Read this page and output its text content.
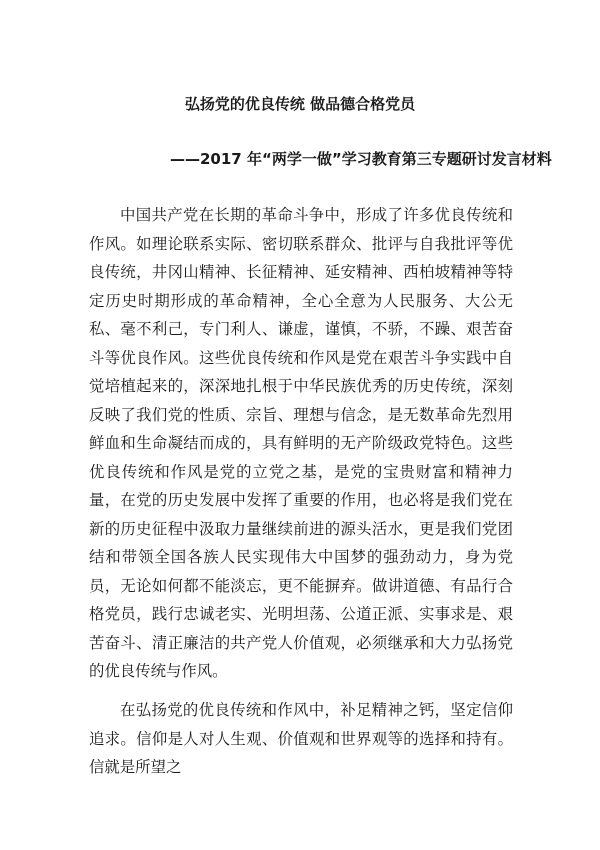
弘扬党的优良传统 做品德合格党员
——2017 年“两学一做”学习教育第三专题研讨发言材料

中国共产党在长期的革命斗争中，形成了许多优良传统和作风。如理论联系实际、密切联系群众、批评与自我批评等优良传统，井冈山精神、长征精神、延安精神、西柏坡精神等特定历史时期形成的革命精神，全心全意为人民服务、大公无私、毫不利己，专门利人、谦虚，谨慎，不骄，不躁、艰苦奋斗等优良作风。这些优良传统和作风是党在艰苦斗争实践中自觉培植起来的，深深地扎根于中华民族优秀的历史传统，深刻反映了我们党的性质、宗旨、理想与信念，是无数革命先烈用鲜血和生命凝结而成的，具有鲜明的无产阶级政党特色。这些优良传统和作风是党的立党之基，是党的宝贵财富和精神力量，在党的历史发展中发挥了重要的作用，也必将是我们党在新的历史征程中汲取力量继续前进的源头活水，更是我们党团结和带领全国各族人民实现伟大中国梦的强劲动力，身为党员，无论如何都不能淡忘，更不能摒弃。做讲道德、有品行合格党员，践行忠诚老实、光明坦荡、公道正派、实事求是、艰苦奋斗、清正廉洁的共产党人价值观，必须继承和大力弘扬党的优良传统与作风。

在弘扬党的优良传统和作风中，补足精神之钙，坚定信仰追求。信仰是人对人生观、价值观和世界观等的选择和持有。信就是所望之
